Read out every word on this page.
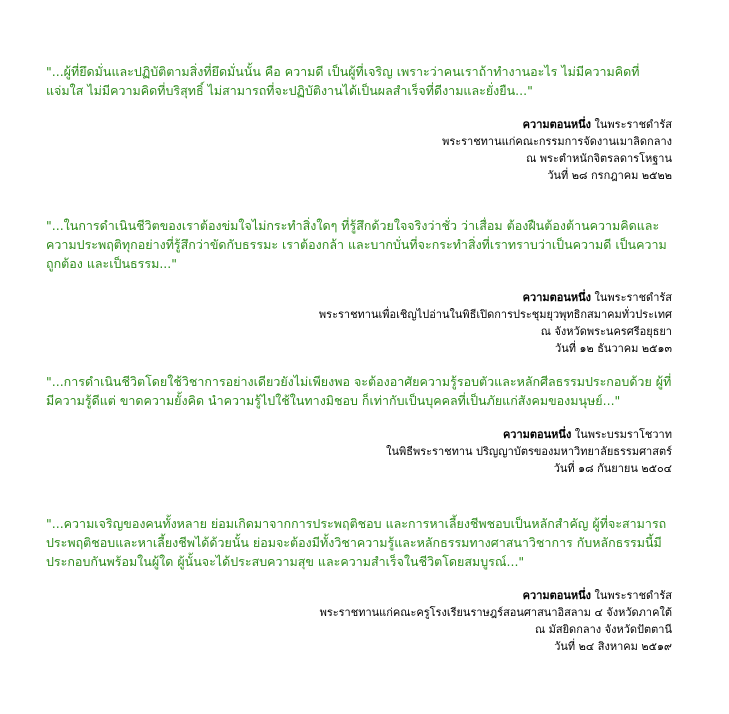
"...ผู้ที่ยึดมั่นและปฏิบัติตามสิ่งที่ยึดมั่นนั้น คือ ความดี เป็นผู้ที่เจริญ เพราะว่าคนเราถ้าทำงานอะไร ไม่มีความคิดที่แจ่มใส ไม่มีความคิดที่บริสุทธิ์ ไม่สามารถที่จะปฏิบัติงานได้เป็นผลสำเร็จที่ดีงามและยั่งยืน..."

ความตอนหนึ่ง ในพระราชดำรัส
พระราชทานแก่คณะกรรมการจัดงานเมาลิดกลาง
ณ พระตำหนักจิตรลดารโหฐาน
วันที่ ๒๘ กรกฎาคม ๒๕๒๒

"...ในการดำเนินชีวิตของเราต้องข่มใจไม่กระทำสิ่งใดๆ ที่รู้สึกด้วยใจจริงว่าชั่ว ว่าเสื่อม ต้องฝืนต้องต้านความคิดและความประพฤติทุกอย่างที่รู้สึกว่าขัดกับธรรมะ เราต้องกล้า และบากบั่นที่จะกระทำสิ่งที่เราทราบว่าเป็นความดี เป็นความถูกต้อง และเป็นธรรม..."

ความตอนหนึ่ง ในพระราชดำรัส
พระราชทานเพื่อเชิญไปอ่านในพิธีเปิดการประชุมยุวพุทธิกสมาคมทั่วประเทศ
ณ จังหวัดพระนครศรีอยุธยา
วันที่ ๑๒ ธันวาคม ๒๕๑๓

"...การดำเนินชีวิตโดยใช้วิชาการอย่างเดียวยังไม่เพียงพอ จะต้องอาศัยความรู้รอบตัวและหลักศีลธรรมประกอบด้วย ผู้ที่มีความรู้ดีแต่ ขาดความยั้งคิด นำความรู้ไปใช้ในทางมิชอบ ก็เท่ากับเป็นบุคคลที่เป็นภัยแก่สังคมของมนุษย์..."

ความตอนหนึ่ง ในพระบรมราโชวาท
ในพิธีพระราชทาน ปริญญาบัตรของมหาวิทยาลัยธรรมศาสตร์
วันที่ ๑๘ กันยายน ๒๕๐๔

"...ความเจริญของคนทั้งหลาย ย่อมเกิดมาจากการประพฤติชอบ และการหาเลี้ยงชีพชอบเป็นหลักสำคัญ ผู้ที่จะสามารถประพฤติชอบและหาเลี้ยงชีพได้ด้วยนั้น ย่อมจะต้องมีทั้งวิชาความรู้และหลักธรรมทางศาสนาวิชาการ กับหลักธรรมนี้มีประกอบกันพร้อมในผู้ใด ผู้นั้นจะได้ประสบความสุข และความสำเร็จในชีวิตโดยสมบูรณ์..."

ความตอนหนึ่ง ในพระราชดำรัส
พระราชทานแก่คณะครูโรงเรียนราษฎร์สอนศาสนาอิสลาม ๔ จังหวัดภาคใต้
ณ มัสยิดกลาง จังหวัดปัตตานี
วันที่ ๒๔ สิงหาคม ๒๕๑๙
